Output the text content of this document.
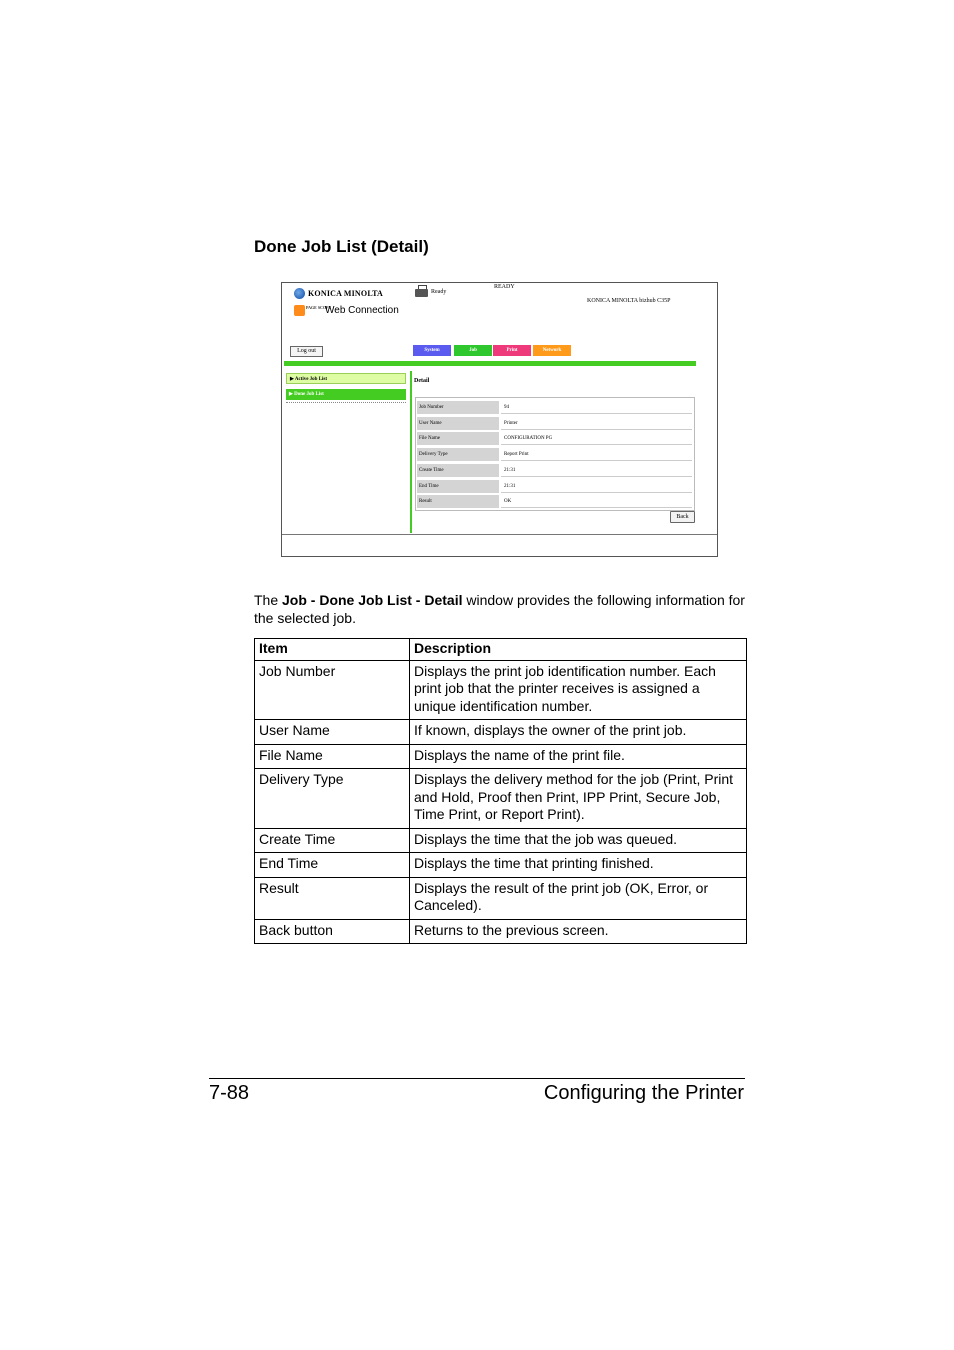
Done Job List (Detail)
KONICA MINOLTA
PAGE SCOPE
Web Connection
Ready
READY
KONICA MINOLTA bizhub C35P
Log out	System	Job	Print	Network
▶ Active Job List
▶ Done Job List
Detail
Job Number	94
User Name	Printer
File Name	CONFIGURATION PG
Delivery Type	Report Print
Create Time	21:31
End Time	21:31
Result	OK
Back
The Job - Done Job List - Detail window provides the following information for the selected job.
Item	Description
Job Number	Displays the print job identification number. Each print job that the printer receives is assigned a unique identification number.
User Name	If known, displays the owner of the print job.
File Name	Displays the name of the print file.
Delivery Type	Displays the delivery method for the job (Print, Print and Hold, Proof then Print, IPP Print, Secure Job, Time Print, or Report Print).
Create Time	Displays the time that the job was queued.
End Time	Displays the time that printing finished.
Result	Displays the result of the print job (OK, Error, or Canceled).
Back button	Returns to the previous screen.
7-88	Configuring the Printer
